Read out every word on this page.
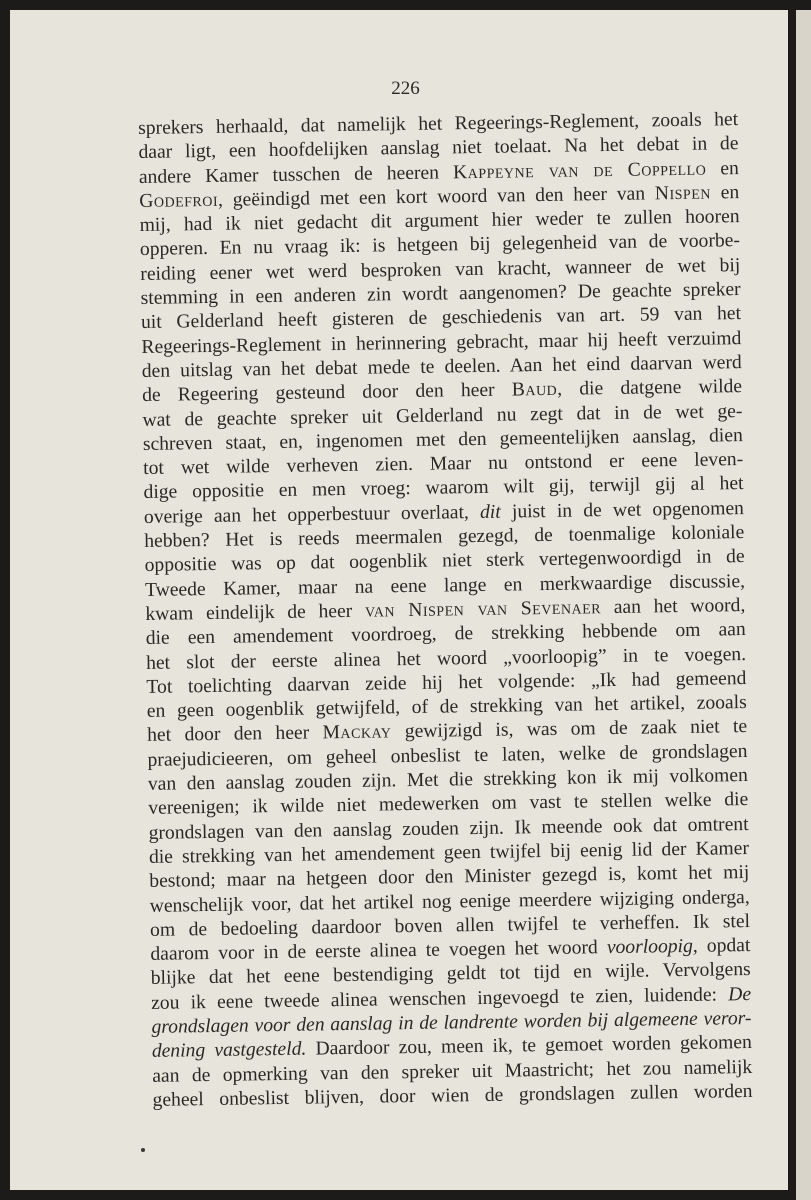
226
sprekers herhaald, dat namelijk het Regeerings-Reglement, zooals het
daar ligt, een hoofdelijken aanslag niet toelaat. Na het debat in de
andere Kamer tusschen de heeren Kappeyne van de Coppello en
Godefroi, geëindigd met een kort woord van den heer van Nispen en
mij, had ik niet gedacht dit argument hier weder te zullen hooren
opperen. En nu vraag ik: is hetgeen bij gelegenheid van de voorbe-
reiding eener wet werd besproken van kracht, wanneer de wet bij
stemming in een anderen zin wordt aangenomen? De geachte spreker
uit Gelderland heeft gisteren de geschiedenis van art. 59 van het
Regeerings-Reglement in herinnering gebracht, maar hij heeft verzuimd
den uitslag van het debat mede te deelen. Aan het eind daarvan werd
de Regeering gesteund door den heer Baud, die datgene wilde
wat de geachte spreker uit Gelderland nu zegt dat in de wet ge-
schreven staat, en, ingenomen met den gemeentelijken aanslag, dien
tot wet wilde verheven zien. Maar nu ontstond er eene leven-
dige oppositie en men vroeg: waarom wilt gij, terwijl gij al het
overige aan het opperbestuur overlaat, dit juist in de wet opgenomen
hebben? Het is reeds meermalen gezegd, de toenmalige koloniale
oppositie was op dat oogenblik niet sterk vertegenwoordigd in de
Tweede Kamer, maar na eene lange en merkwaardige discussie,
kwam eindelijk de heer van Nispen van Sevenaer aan het woord,
die een amendement voordroeg, de strekking hebbende om aan
het slot der eerste alinea het woord „voorloopig” in te voegen.
Tot toelichting daarvan zeide hij het volgende: „Ik had gemeend
en geen oogenblik getwijfeld, of de strekking van het artikel, zooals
het door den heer Mackay gewijzigd is, was om de zaak niet te
praejudicieeren, om geheel onbeslist te laten, welke de grondslagen
van den aanslag zouden zijn. Met die strekking kon ik mij volkomen
vereenigen; ik wilde niet medewerken om vast te stellen welke die
grondslagen van den aanslag zouden zijn. Ik meende ook dat omtrent
die strekking van het amendement geen twijfel bij eenig lid der Kamer
bestond; maar na hetgeen door den Minister gezegd is, komt het mij
wenschelijk voor, dat het artikel nog eenige meerdere wijziging onderga,
om de bedoeling daardoor boven allen twijfel te verheffen. Ik stel
daarom voor in de eerste alinea te voegen het woord voorloopig, opdat
blijke dat het eene bestendiging geldt tot tijd en wijle. Vervolgens
zou ik eene tweede alinea wenschen ingevoegd te zien, luidende: De
grondslagen voor den aanslag in de landrente worden bij algemeene veror-
dening vastgesteld. Daardoor zou, meen ik, te gemoet worden gekomen
aan de opmerking van den spreker uit Maastricht; het zou namelijk
geheel onbeslist blijven, door wien de grondslagen zullen worden
